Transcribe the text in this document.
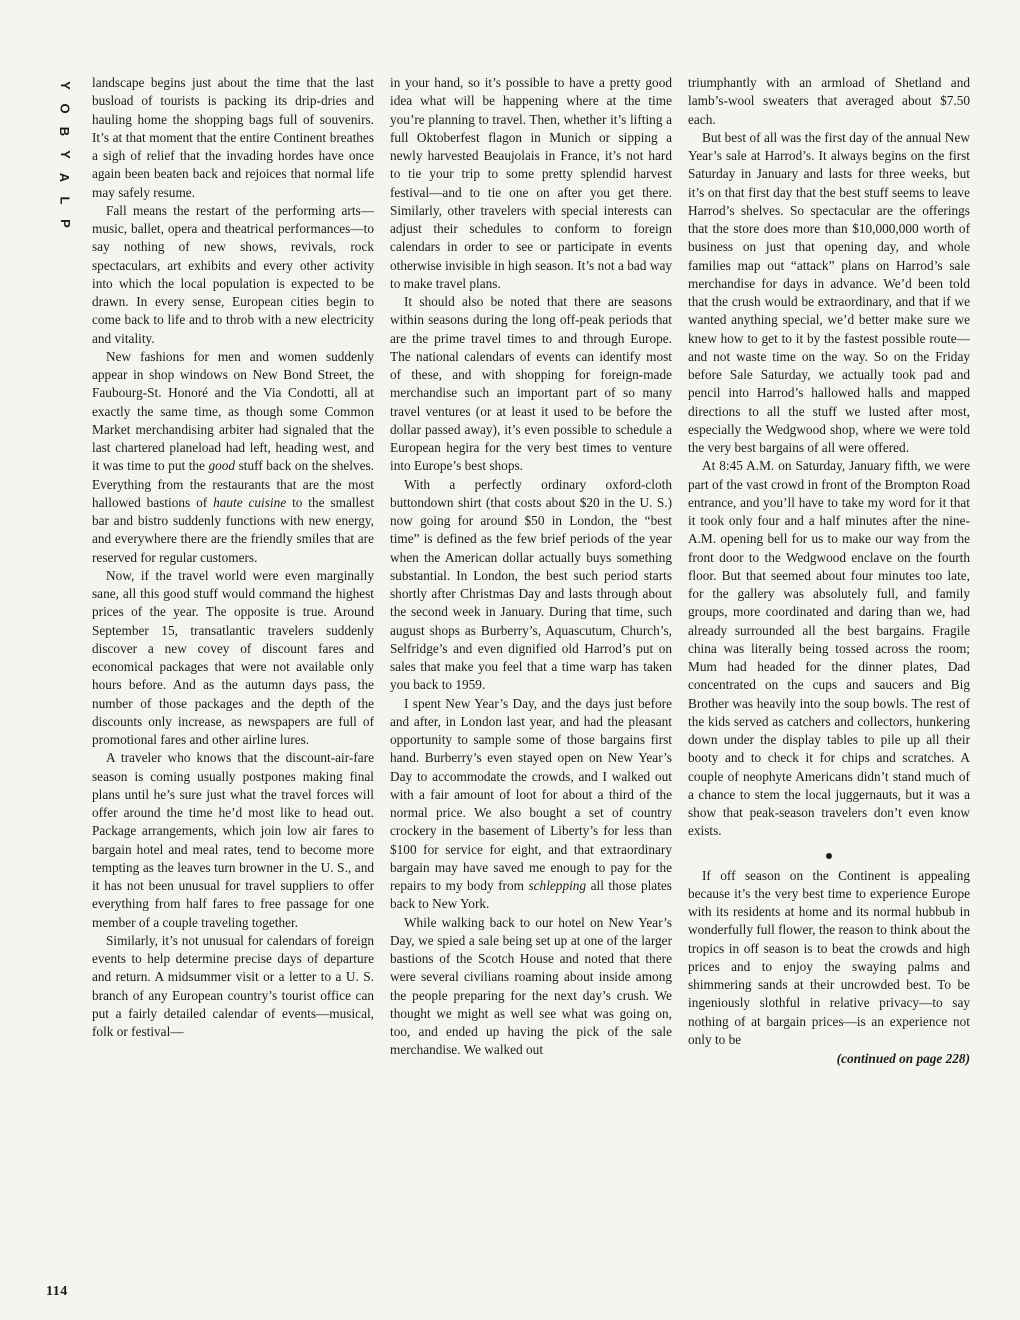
Y
O
B
Y
A
L
P
114

landscape begins just about the time that the last busload of tourists is packing its drip-dries and hauling home the shopping bags full of souvenirs. It’s at that moment that the entire Continent breathes a sigh of relief that the invading hordes have once again been beaten back and rejoices that normal life may safely resume.

Fall means the restart of the performing arts—music, ballet, opera and theatrical performances—to say nothing of new shows, revivals, rock spectaculars, art exhibits and every other activity into which the local population is expected to be drawn. In every sense, European cities begin to come back to life and to throb with a new electricity and vitality.

New fashions for men and women suddenly appear in shop windows on New Bond Street, the Faubourg-St. Honoré and the Via Condotti, all at exactly the same time, as though some Common Market merchandising arbiter had signaled that the last chartered planeload had left, heading west, and it was time to put the good stuff back on the shelves. Everything from the restaurants that are the most hallowed bastions of haute cuisine to the smallest bar and bistro suddenly functions with new energy, and everywhere there are the friendly smiles that are reserved for regular customers.

Now, if the travel world were even marginally sane, all this good stuff would command the highest prices of the year. The opposite is true. Around September 15, transatlantic travelers suddenly discover a new covey of discount fares and economical packages that were not available only hours before. And as the autumn days pass, the number of those packages and the depth of the discounts only increase, as newspapers are full of promotional fares and other airline lures.

A traveler who knows that the discount-air-fare season is coming usually postpones making final plans until he’s sure just what the travel forces will offer around the time he’d most like to head out. Package arrangements, which join low air fares to bargain hotel and meal rates, tend to become more tempting as the leaves turn browner in the U. S., and it has not been unusual for travel suppliers to offer everything from half fares to free passage for one member of a couple traveling together.

Similarly, it’s not unusual for calendars of foreign events to help determine precise days of departure and return. A midsummer visit or a letter to a U. S. branch of any European country’s tourist office can put a fairly detailed calendar of events—musical, folk or festival—

in your hand, so it’s possible to have a pretty good idea what will be happening where at the time you’re planning to travel. Then, whether it’s lifting a full Oktoberfest flagon in Munich or sipping a newly harvested Beaujolais in France, it’s not hard to tie your trip to some pretty splendid harvest festival—and to tie one on after you get there. Similarly, other travelers with special interests can adjust their schedules to conform to foreign calendars in order to see or participate in events otherwise invisible in high season. It’s not a bad way to make travel plans.

It should also be noted that there are seasons within seasons during the long off-peak periods that are the prime travel times to and through Europe. The national calendars of events can identify most of these, and with shopping for foreign-made merchandise such an important part of so many travel ventures (or at least it used to be before the dollar passed away), it’s even possible to schedule a European hegira for the very best times to venture into Europe’s best shops.

With a perfectly ordinary oxford-cloth buttondown shirt (that costs about $20 in the U. S.) now going for around $50 in London, the “best time” is defined as the few brief periods of the year when the American dollar actually buys something substantial. In London, the best such period starts shortly after Christmas Day and lasts through about the second week in January. During that time, such august shops as Burberry’s, Aquascutum, Church’s, Selfridge’s and even dignified old Harrod’s put on sales that make you feel that a time warp has taken you back to 1959.

I spent New Year’s Day, and the days just before and after, in London last year, and had the pleasant opportunity to sample some of those bargains first hand. Burberry’s even stayed open on New Year’s Day to accommodate the crowds, and I walked out with a fair amount of loot for about a third of the normal price. We also bought a set of country crockery in the basement of Liberty’s for less than $100 for service for eight, and that extraordinary bargain may have saved me enough to pay for the repairs to my body from schlepping all those plates back to New York.

While walking back to our hotel on New Year’s Day, we spied a sale being set up at one of the larger bastions of the Scotch House and noted that there were several civilians roaming about inside among the people preparing for the next day’s crush. We thought we might as well see what was going on, too, and ended up having the pick of the sale merchandise. We walked out

triumphantly with an armload of Shetland and lamb’s-wool sweaters that averaged about $7.50 each.

But best of all was the first day of the annual New Year’s sale at Harrod’s. It always begins on the first Saturday in January and lasts for three weeks, but it’s on that first day that the best stuff seems to leave Harrod’s shelves. So spectacular are the offerings that the store does more than $10,000,000 worth of business on just that opening day, and whole families map out “attack” plans on Harrod’s sale merchandise for days in advance. We’d been told that the crush would be extraordinary, and that if we wanted anything special, we’d better make sure we knew how to get to it by the fastest possible route—and not waste time on the way. So on the Friday before Sale Saturday, we actually took pad and pencil into Harrod’s hallowed halls and mapped directions to all the stuff we lusted after most, especially the Wedgwood shop, where we were told the very best bargains of all were offered.

At 8:45 A.M. on Saturday, January fifth, we were part of the vast crowd in front of the Brompton Road entrance, and you’ll have to take my word for it that it took only four and a half minutes after the nine-A.M. opening bell for us to make our way from the front door to the Wedgwood enclave on the fourth floor. But that seemed about four minutes too late, for the gallery was absolutely full, and family groups, more coordinated and daring than we, had already surrounded all the best bargains. Fragile china was literally being tossed across the room; Mum had headed for the dinner plates, Dad concentrated on the cups and saucers and Big Brother was heavily into the soup bowls. The rest of the kids served as catchers and collectors, hunkering down under the display tables to pile up all their booty and to check it for chips and scratches. A couple of neophyte Americans didn’t stand much of a chance to stem the local juggernauts, but it was a show that peak-season travelers don’t even know exists.

If off season on the Continent is appealing because it’s the very best time to experience Europe with its residents at home and its normal hubbub in wonderfully full flower, the reason to think about the tropics in off season is to beat the crowds and high prices and to enjoy the swaying palms and shimmering sands at their uncrowded best. To be ingeniously slothful in relative privacy—to say nothing of at bargain prices—is an experience not only to be

(continued on page 228)
